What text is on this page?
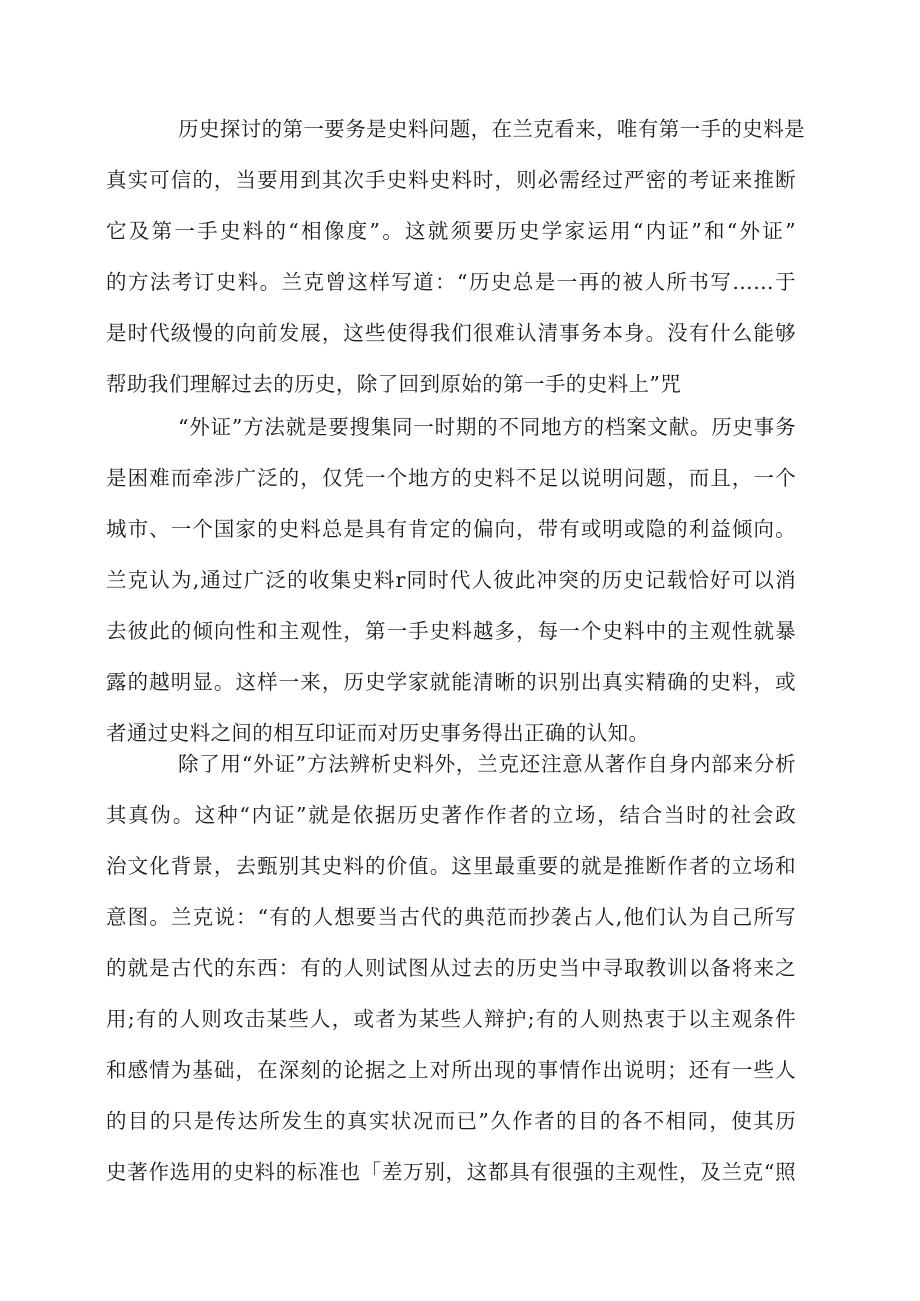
历史探讨的第一要务是史料问题，在兰克看来，唯有第一手的史料是
真实可信的，当要用到其次手史料史料时，则必需经过严密的考证来推断
它及第一手史料的“相像度”。这就须要历史学家运用“内证”和“外证”
的方法考订史料。兰克曾这样写道：“历史总是一再的被人所书写……于
是时代级慢的向前发展，这些使得我们很难认清事务本身。没有什么能够
帮助我们理解过去的历史，除了回到原始的第一手的史料上”咒
“外证”方法就是要搜集同一时期的不同地方的档案文献。历史事务
是困难而牵涉广泛的，仅凭一个地方的史料不足以说明问题，而且，一个
城市、一个国家的史料总是具有肯定的偏向，带有或明或隐的利益倾向。
兰克认为,通过广泛的收集史料r同时代人彼此冲突的历史记载恰好可以消
去彼此的倾向性和主观性，第一手史料越多，每一个史料中的主观性就暴
露的越明显。这样一来，历史学家就能清晰的识别出真实精确的史料，或
者通过史料之间的相互印证而对历史事务得出正确的认知。
除了用“外证”方法辨析史料外，兰克还注意从著作自身内部来分析
其真伪。这种“内证”就是依据历史著作作者的立场，结合当时的社会政
治文化背景，去甄别其史料的价值。这里最重要的就是推断作者的立场和
意图。兰克说：“有的人想要当古代的典范而抄袭占人,他们认为自己所写
的就是古代的东西：有的人则试图从过去的历史当中寻取教训以备将来之
用;有的人则攻击某些人，或者为某些人辩护;有的人则热衷于以主观条件
和感情为基础，在深刻的论据之上对所出现的事情作出说明；还有一些人
的目的只是传达所发生的真实状况而已”久作者的目的各不相同，使其历
史著作选用的史料的标准也「差万别，这都具有很强的主观性，及兰克“照
